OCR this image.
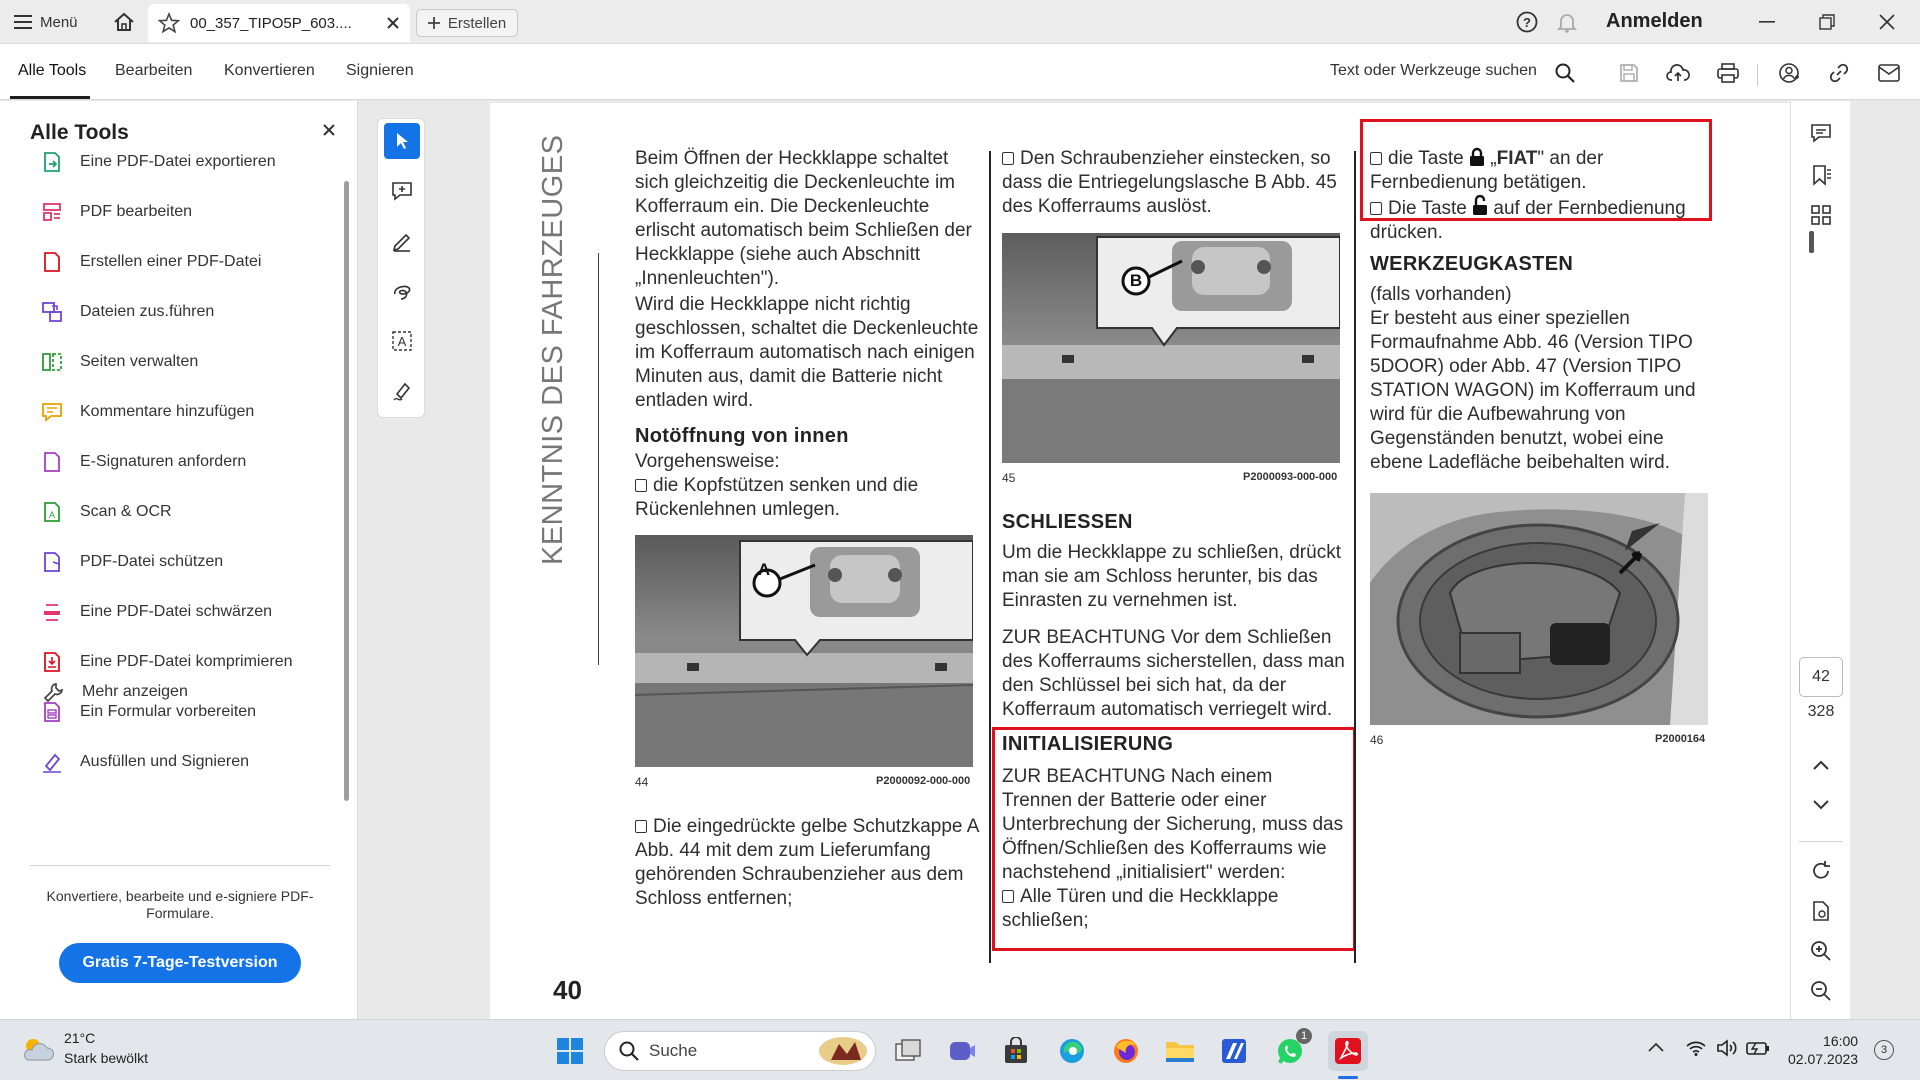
Menü	00_357_TIPO5P_603....	Erstellen	?	Anmelden
Alle Tools Bearbeiten Konvertieren Signieren	Text oder Werkzeuge suchen
Alle Tools
Eine PDF-Datei exportieren
PDF bearbeiten
Erstellen einer PDF-Datei
Dateien zus.führen
Seiten verwalten
Kommentare hinzufügen
E-Signaturen anfordern
A Scan & OCR
PDF-Datei schützen
Eine PDF-Datei schwärzen
Eine PDF-Datei komprimieren
Ein Formular vorbereiten
Ausfüllen und Signieren
Mehr anzeigen
Konvertiere, bearbeite und e-signiere PDF-Formulare.
Gratis 7-Tage-Testversion
A	KENNTNIS DES FAHRZEUGES	Beim Öffnen der Heckklappe schaltet sich gleichzeitig die Deckenleuchte im Kofferraum ein. Die Deckenleuchte erlischt automatisch beim Schließen der Heckklappe (siehe auch Abschnitt „Innenleuchten").
Wird die Heckklappe nicht richtig geschlossen, schaltet die Deckenleuchte im Kofferraum automatisch nach einigen Minuten aus, damit die Batterie nicht entladen wird.
Notöffnung von innen
Vorgehensweise:
die Kopfstützen senken und die Rückenlehnen umlegen.
A
44	P2000092-000-000
Die eingedrückte gelbe Schutzkappe A Abb. 44 mit dem zum Lieferumfang gehörenden Schraubenzieher aus dem Schloss entfernen;
Den Schraubenzieher einstecken, so dass die Entriegelungslasche B Abb. 45 des Kofferraums auslöst.
B
45	P2000093-000-000
SCHLIESSEN
Um die Heckklappe zu schließen, drückt man sie am Schloss herunter, bis das Einrasten zu vernehmen ist.
ZUR BEACHTUNG Vor dem Schließen des Kofferraums sicherstellen, dass man den Schlüssel bei sich hat, da der Kofferraum automatisch verriegelt wird.
INITIALISIERUNG
ZUR BEACHTUNG Nach einem Trennen der Batterie oder einer Unterbrechung der Sicherung, muss das Öffnen/Schließen des Kofferraums wie nachstehend „initialisiert" werden:
Alle Türen und die Heckklappe schließen;
die Taste „FIAT" an der Fernbedienung betätigen.
Die Taste auf der Fernbedienung drücken.
WERKZEUGKASTEN
(falls vorhanden)
Er besteht aus einer speziellen Formaufnahme Abb. 46 (Version TIPO 5DOOR) oder Abb. 47 (Version TIPO STATION WAGON) im Kofferraum und wird für die Aufbewahrung von Gegenständen benutzt, wobei eine ebene Ladefläche beibehalten wird.
46	P2000164
40
42
328
21°C
Stark bewölkt	Suche
1	16:00
02.07.2023
3
